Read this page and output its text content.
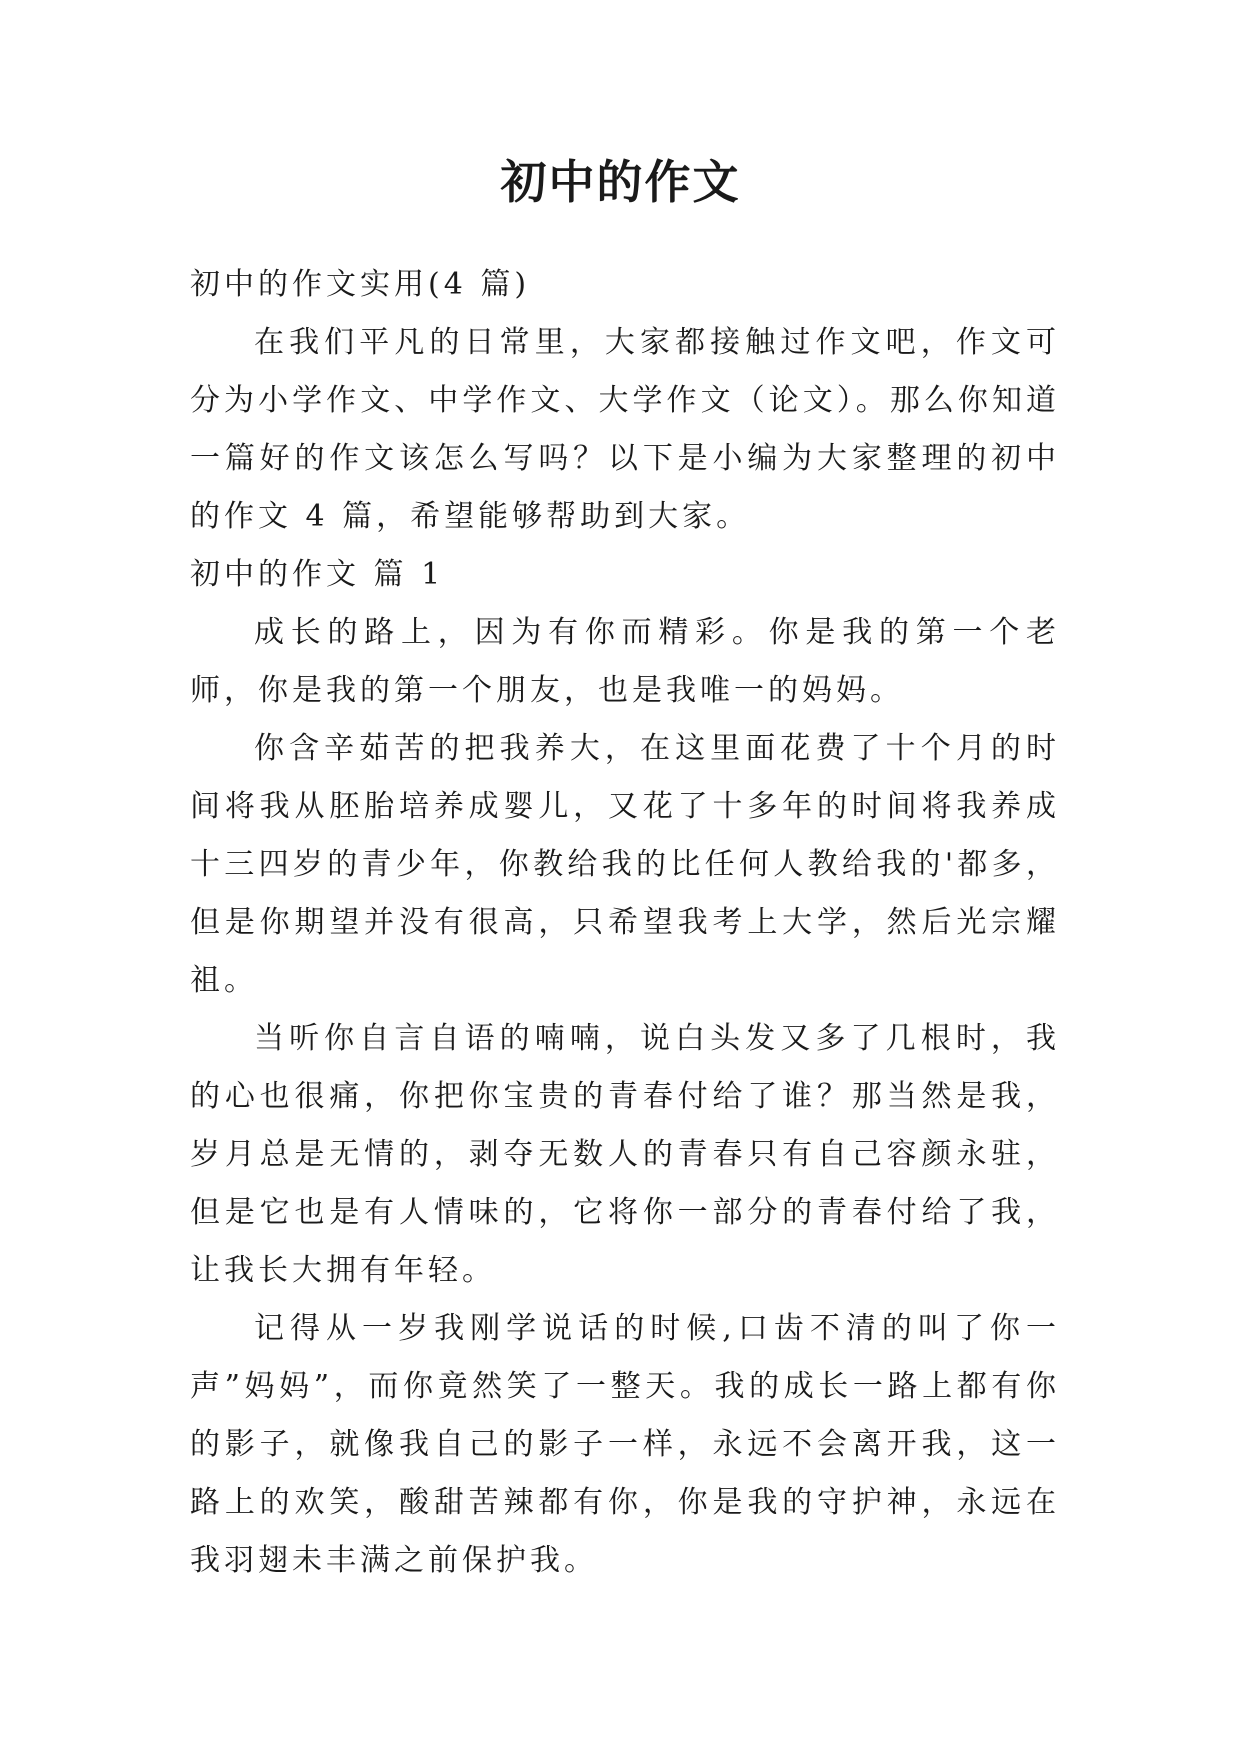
初中的作文

初中的作文实用(4 篇)

在我们平凡的日常里，大家都接触过作文吧，作文可分为小学作文、中学作文、大学作文（论文）。那么你知道一篇好的作文该怎么写吗？以下是小编为大家整理的初中的作文 4 篇，希望能够帮助到大家。

初中的作文 篇 1

成长的路上，因为有你而精彩。你是我的第一个老师，你是我的第一个朋友，也是我唯一的妈妈。

你含辛茹苦的把我养大，在这里面花费了十个月的时间将我从胚胎培养成婴儿，又花了十多年的时间将我养成十三四岁的青少年，你教给我的比任何人教给我的'都多，但是你期望并没有很高，只希望我考上大学，然后光宗耀祖。

当听你自言自语的喃喃，说白头发又多了几根时，我的心也很痛，你把你宝贵的青春付给了谁？那当然是我，岁月总是无情的，剥夺无数人的青春只有自己容颜永驻，但是它也是有人情味的，它将你一部分的青春付给了我，让我长大拥有年轻。

记得从一岁我刚学说话的时候,口齿不清的叫了你一声”妈妈”，而你竟然笑了一整天。我的成长一路上都有你的影子，就像我自己的影子一样，永远不会离开我，这一路上的欢笑，酸甜苦辣都有你，你是我的守护神，永远在我羽翅未丰满之前保护我。
